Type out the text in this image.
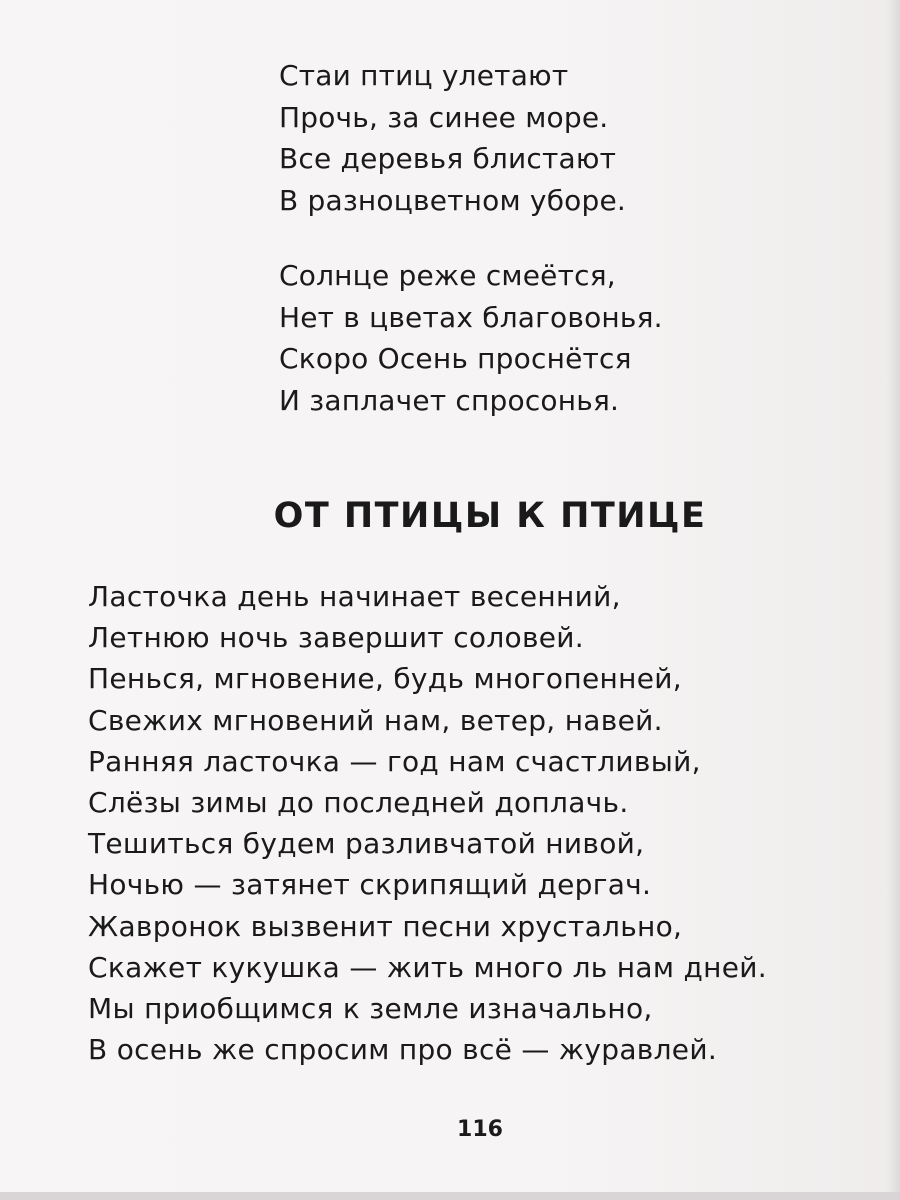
Стаи птиц улетают
Прочь, за синее море.
Все деревья блистают
В разноцветном уборе.
Солнце реже смеётся,
Нет в цветах благовонья.
Скоро Осень проснётся
И заплачет спросонья.
ОТ ПТИЦЫ К ПТИЦЕ
Ласточка день начинает весенний,
Летнюю ночь завершит соловей.
Пенься, мгновение, будь многопенней,
Свежих мгновений нам, ветер, навей.
Ранняя ласточка — год нам счастливый,
Слёзы зимы до последней доплачь.
Тешиться будем разливчатой нивой,
Ночью — затянет скрипящий дергач.
Жаврoнок вызвенит песни хрустально,
Скажет кукушка — жить много ль нам дней.
Мы приобщимся к земле изначально,
В осень же спросим про всё — журавлей.
116
